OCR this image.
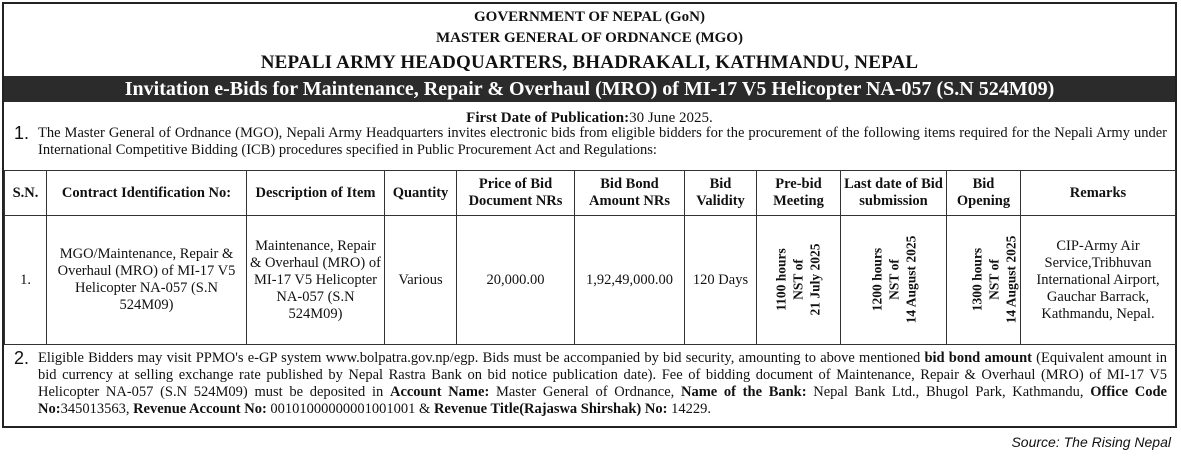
GOVERNMENT OF NEPAL (GoN)
MASTER GENERAL OF ORDNANCE (MGO)
NEPALI ARMY HEADQUARTERS, BHADRAKALI, KATHMANDU, NEPAL
Invitation e-Bids for Maintenance, Repair & Overhaul (MRO) of MI-17 V5 Helicopter NA-057 (S.N 524M09)
First Date of Publication:30 June 2025.
1. The Master General of Ordnance (MGO), Nepali Army Headquarters invites electronic bids from eligible bidders for the procurement of the following items required for the Nepali Army under International Competitive Bidding (ICB) procedures specified in Public Procurement Act and Regulations:
S.N.	Contract Identification No:	Description of Item	Quantity	Price of Bid Document NRs	Bid Bond Amount NRs	Bid Validity	Pre-bid Meeting	Last date of Bid submission	Bid Opening	Remarks
1.	MGO/Maintenance, Repair & Overhaul (MRO) of MI-17 V5 Helicopter NA-057 (S.N 524M09)	Maintenance, Repair & Overhaul (MRO) of MI-17 V5 Helicopter NA-057 (S.N 524M09)	Various	20,000.00	1,92,49,000.00	120 Days	1100 hours NST of 21 July 2025	1200 hours NST of 14 August 2025	1300 hours NST of 14 August 2025	CIP-Army Air Service,Tribhuvan International Airport, Gauchar Barrack, Kathmandu, Nepal.
2. Eligible Bidders may visit PPMO's e-GP system www.bolpatra.gov.np/egp. Bids must be accompanied by bid security, amounting to above mentioned bid bond amount (Equivalent amount in bid currency at selling exchange rate published by Nepal Rastra Bank on bid notice publication date). Fee of bidding document of Maintenance, Repair & Overhaul (MRO) of MI-17 V5 Helicopter NA-057 (S.N 524M09) must be deposited in Account Name: Master General of Ordnance, Name of the Bank: Nepal Bank Ltd., Bhugol Park, Kathmandu, Office Code No:345013563, Revenue Account No: 00101000000001001001 & Revenue Title(Rajaswa Shirshak) No: 14229.
Source: The Rising Nepal
